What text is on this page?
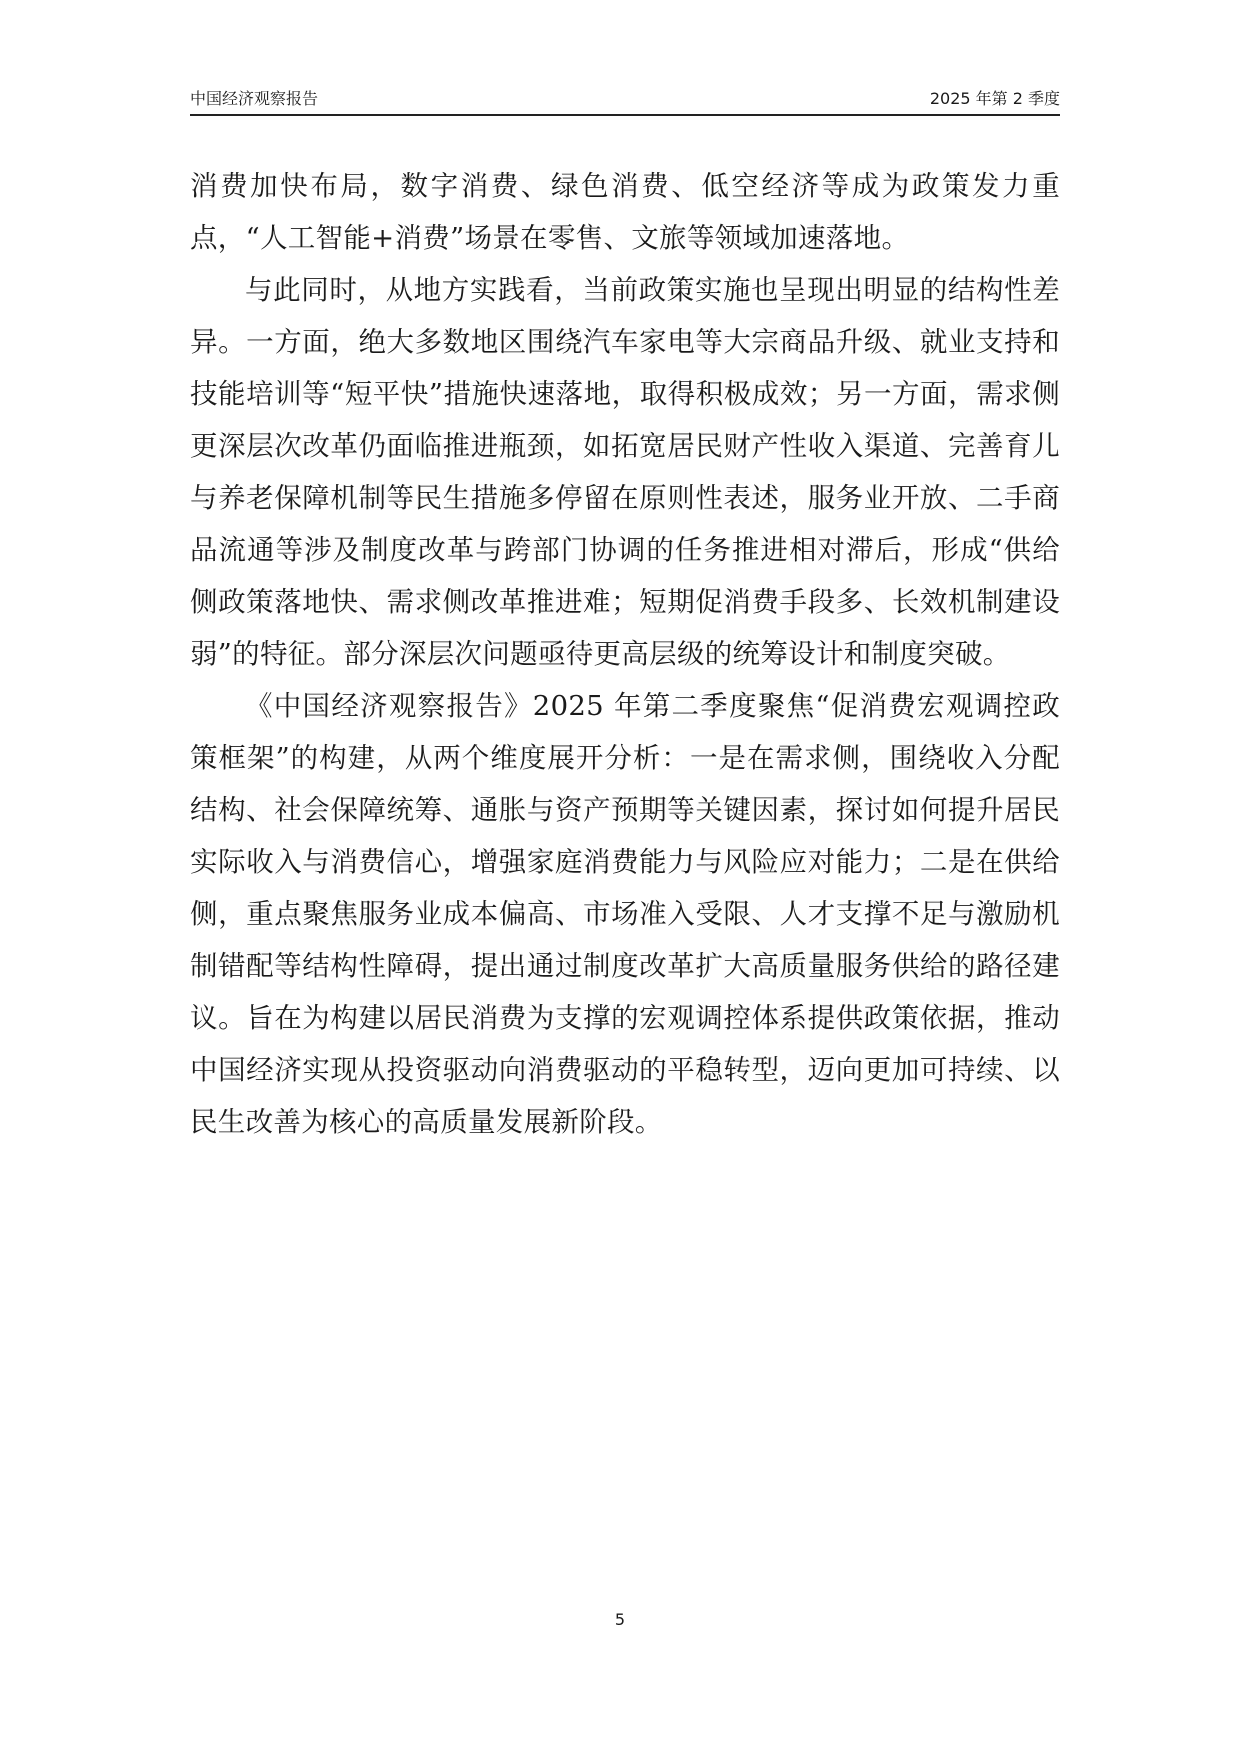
中国经济观察报告	2025 年第 2 季度

消费加快布局，数字消费、绿色消费、低空经济等成为政策发力重点，“人工智能+消费”场景在零售、文旅等领域加速落地。

与此同时，从地方实践看，当前政策实施也呈现出明显的结构性差异。一方面，绝大多数地区围绕汽车家电等大宗商品升级、就业支持和技能培训等“短平快”措施快速落地，取得积极成效；另一方面，需求侧更深层次改革仍面临推进瓶颈，如拓宽居民财产性收入渠道、完善育儿与养老保障机制等民生措施多停留在原则性表述，服务业开放、二手商品流通等涉及制度改革与跨部门协调的任务推进相对滞后，形成“供给侧政策落地快、需求侧改革推进难；短期促消费手段多、长效机制建设弱”的特征。部分深层次问题亟待更高层级的统筹设计和制度突破。

《中国经济观察报告》2025 年第二季度聚焦“促消费宏观调控政策框架”的构建，从两个维度展开分析：一是在需求侧，围绕收入分配结构、社会保障统筹、通胀与资产预期等关键因素，探讨如何提升居民实际收入与消费信心，增强家庭消费能力与风险应对能力；二是在供给侧，重点聚焦服务业成本偏高、市场准入受限、人才支撑不足与激励机制错配等结构性障碍，提出通过制度改革扩大高质量服务供给的路径建议。旨在为构建以居民消费为支撑的宏观调控体系提供政策依据，推动中国经济实现从投资驱动向消费驱动的平稳转型，迈向更加可持续、以民生改善为核心的高质量发展新阶段。

5
